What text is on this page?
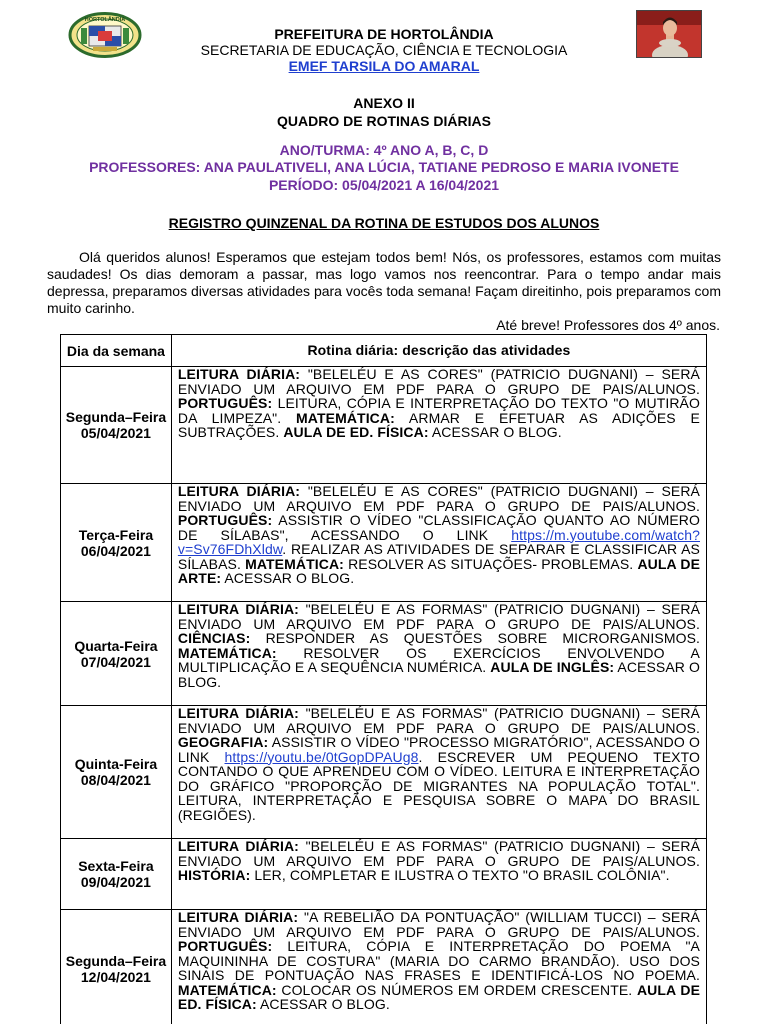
HORTOLÂNDIA
PREFEITURA DE HORTOLÂNDIA
SECRETARIA DE EDUCAÇÃO, CIÊNCIA E TECNOLOGIA
EMEF TARSILA DO AMARAL
ANEXO II
QUADRO DE ROTINAS DIÁRIAS
ANO/TURMA: 4º ANO A, B, C, D
PROFESSORES: ANA PAULATIVELI, ANA LÚCIA, TATIANE PEDROSO E MARIA IVONETE
PERÍODO: 05/04/2021 A 16/04/2021
REGISTRO QUINZENAL DA ROTINA DE ESTUDOS DOS ALUNOS

Olá queridos alunos! Esperamos que estejam todos bem! Nós, os professores, estamos com muitas saudades! Os dias demoram a passar, mas logo vamos nos reencontrar. Para o tempo andar mais depressa, preparamos diversas atividades para vocês toda semana! Façam direitinho, pois preparamos com muito carinho.

Até breve! Professores dos 4º anos.
Dia da semana	Rotina diária: descrição das atividades

Segunda–Feira
05/04/2021	LEITURA DIÁRIA: "BELELÉU E AS CORES" (PATRICIO DUGNANI) – SERÁ ENVIADO UM ARQUIVO EM PDF PARA O GRUPO DE PAIS/ALUNOS. PORTUGUÊS: LEITURA, CÓPIA E INTERPRETAÇÃO DO TEXTO "O MUTIRÃO DA LIMPEZA". MATEMÁTICA: ARMAR E EFETUAR AS ADIÇÕES E SUBTRAÇÕES. AULA DE ED. FÍSICA: ACESSAR O BLOG.

Terça-Feira
06/04/2021	LEITURA DIÁRIA: "BELELÉU E AS CORES" (PATRICIO DUGNANI) – SERÁ ENVIADO UM ARQUIVO EM PDF PARA O GRUPO DE PAIS/ALUNOS. PORTUGUÊS: ASSISTIR O VÍDEO "CLASSIFICAÇÃO QUANTO AO NÚMERO DE SÍLABAS", ACESSANDO O LINK https://m.youtube.com/watch?v=Sv76FDhXldw. REALIZAR AS ATIVIDADES DE SEPARAR E CLASSIFICAR AS SÍLABAS. MATEMÁTICA: RESOLVER AS SITUAÇÕES- PROBLEMAS. AULA DE ARTE: ACESSAR O BLOG.

Quarta-Feira
07/04/2021	LEITURA DIÁRIA: "BELELÉU E AS FORMAS" (PATRICIO DUGNANI) – SERÁ ENVIADO UM ARQUIVO EM PDF PARA O GRUPO DE PAIS/ALUNOS. CIÊNCIAS: RESPONDER AS QUESTÕES SOBRE MICRORGANISMOS. MATEMÁTICA: RESOLVER OS EXERCÍCIOS ENVOLVENDO A MULTIPLICAÇÃO E A SEQUÊNCIA NUMÉRICA. AULA DE INGLÊS: ACESSAR O BLOG.

Quinta-Feira
08/04/2021	LEITURA DIÁRIA: "BELELÉU E AS FORMAS" (PATRICIO DUGNANI) – SERÁ ENVIADO UM ARQUIVO EM PDF PARA O GRUPO DE PAIS/ALUNOS. GEOGRAFIA: ASSISTIR O VÍDEO "PROCESSO MIGRATÓRIO", ACESSANDO O LINK https://youtu.be/0tGopDPAUg8. ESCREVER UM PEQUENO TEXTO CONTANDO O QUE APRENDEU COM O VÍDEO. LEITURA E INTERPRETAÇÃO DO GRÁFICO "PROPORÇÃO DE MIGRANTES NA POPULAÇÃO TOTAL". LEITURA, INTERPRETAÇÃO E PESQUISA SOBRE O MAPA DO BRASIL (REGIÕES).

Sexta-Feira
09/04/2021	LEITURA DIÁRIA: "BELELÉU E AS FORMAS" (PATRICIO DUGNANI) – SERÁ ENVIADO UM ARQUIVO EM PDF PARA O GRUPO DE PAIS/ALUNOS. HISTÓRIA: LER, COMPLETAR E ILUSTRA O TEXTO "O BRASIL COLÔNIA".

Segunda–Feira
12/04/2021	LEITURA DIÁRIA: "A REBELIÃO DA PONTUAÇÃO" (WILLIAM TUCCI) – SERÁ ENVIADO UM ARQUIVO EM PDF PARA O GRUPO DE PAIS/ALUNOS. PORTUGUÊS: LEITURA, CÓPIA E INTERPRETAÇÃO DO POEMA "A MAQUININHA DE COSTURA" (MARIA DO CARMO BRANDÃO). USO DOS SINAIS DE PONTUAÇÃO NAS FRASES E IDENTIFICÁ-LOS NO POEMA. MATEMÁTICA: COLOCAR OS NÚMEROS EM ORDEM CRESCENTE. AULA DE ED. FÍSICA: ACESSAR O BLOG.
